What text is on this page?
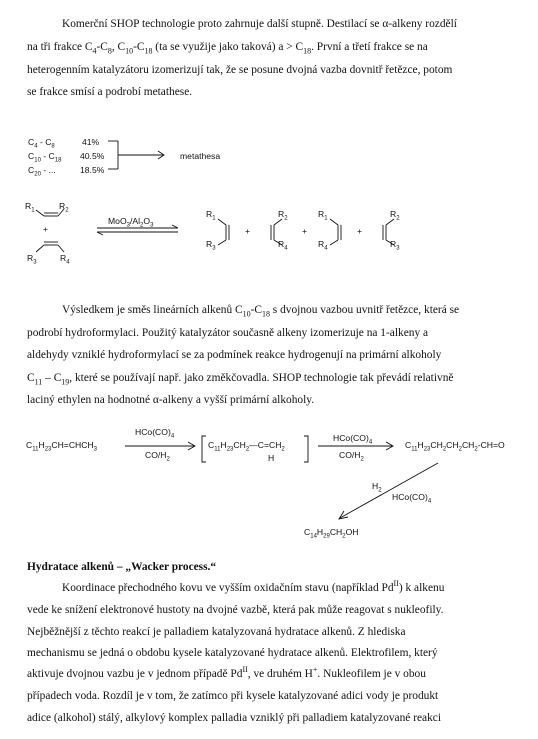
Komerční SHOP technologie proto zahrnuje další stupně. Destilací se α-alkeny rozdělí
na tři frakce $C_4-C_8$, $C_{10}-C_{18}$ (ta se využije jako taková) $a > C_{18}$. První a třetí frakce se na
heterogenním katalyzátoru izomerizují tak, že se posune dvojná vazba dovnitř řetězce, potom
se frakce smísí a podrobí metathese.
$C_4 - C_8$	41%
$C_{10} - C_{18}$ 40.5%
$C_{20}$ - ...	18.5%
metathesa
$R_1$	$R_2$
+
$R_3$	$R_4$
$MoO_3/Al_2O_3$
$R_1$
$R_3$
+
$R_2$
$R_4$
+
$R_1$
$R_4$
+
$R_2$
$R_3$
Výsledkem je směs lineárních alkenů $C_{10}-C_{18}$ s dvojnou vazbou uvnitř řetězce, která se
podrobí hydroformylaci. Použitý katalyzátor současně alkeny izomerizuje na 1-alkeny a
aldehydy vzniklé hydroformylací se za podmínek reakce hydrogenují na primární alkoholy
$C_{11} - C_{19}$, které se používají např. jako změkčovadla. SHOP technologie tak převádí relativně
laciný ethylen na hodnotné α-alkeny a vyšší primární alkoholy.
$C_{11}H_{23}CH=CHCH_3$
$HCo(CO)_4$
$CO/H_2$
$C_{11}H_{23}CH_2—C=CH_2$
H
$HCo(CO)_4$
$CO/H_2$
$C_{11}H_{23}CH_2CH_2CH_2-CH=O$
$H_2$
$HCo(CO)_4$
$C_{14}H_{29}CH_2OH$
Hydratace alkenů – „Wacker process.“
Koordinace přechodného kovu ve vyšším oxidačním stavu (například $Pd^{II}$) k alkenu
vede ke snížení elektronové hustoty na dvojné vazbě, která pak může reagovat s nukleofily.
Nejběžnější z těchto reakcí je palladiem katalyzovaná hydratace alkenů. Z hlediska
mechanismu se jedná o obdobu kysele katalyzované hydratace alkenů. Elektrofilem, který
aktivuje dvojnou vazbu je v jednom případě $Pd^{II}$, ve druhém H+. Nukleofilem je v obou
případech voda. Rozdíl je v tom, že zatímco při kysele katalyzované adici vody je produkt
adice (alkohol) stálý, alkylový komplex palladia vzniklý při palladiem katalyzované reakci
